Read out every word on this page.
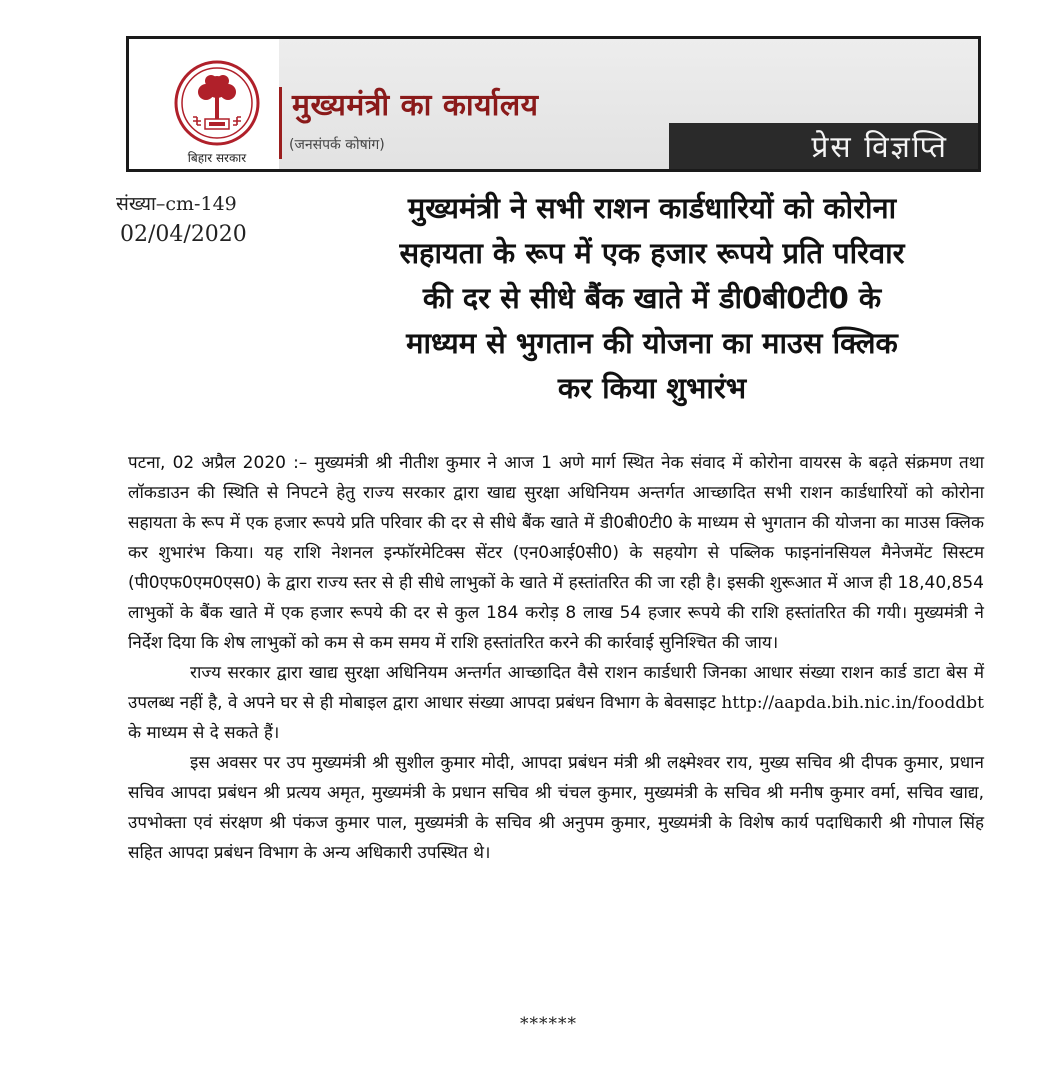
बिहार सरकार
मुख्यमंत्री का कार्यालय
(जनसंपर्क कोषांग)	प्रेस विज्ञप्ति
संख्या–cm-149
02/04/2020
मुख्यमंत्री ने सभी राशन कार्डधारियों को कोरोना
सहायता के रूप में एक हजार रूपये प्रति परिवार
की दर से सीधे बैंक खाते में डी0बी0टी0 के
माध्यम से भुगतान की योजना का माउस क्लिक
कर किया शुभारंभ

पटना, 02 अप्रैल 2020 :– मुख्यमंत्री श्री नीतीश कुमार ने आज 1 अणे मार्ग स्थित नेक संवाद में कोरोना वायरस के बढ़ते संक्रमण तथा लॉकडाउन की स्थिति से निपटने हेतु राज्य सरकार द्वारा खाद्य सुरक्षा अधिनियम अन्तर्गत आच्छादित सभी राशन कार्डधारियों को कोरोना सहायता के रूप में एक हजार रूपये प्रति परिवार की दर से सीधे बैंक खाते में डी0बी0टी0 के माध्यम से भुगतान की योजना का माउस क्लिक कर शुभारंभ किया। यह राशि नेशनल इन्फॉरमेटिक्स सेंटर (एन0आई0सी0) के सहयोग से पब्लिक फाइनांनसियल मैनेजमेंट सिस्टम (पी0एफ0एम0एस0) के द्वारा राज्य स्तर से ही सीधे लाभुकों के खाते में हस्तांतरित की जा रही है। इसकी शुरूआत में आज ही 18,40,854 लाभुकों के बैंक खाते में एक हजार रूपये की दर से कुल 184 करोड़ 8 लाख 54 हजार रूपये की राशि हस्तांतरित की गयी। मुख्यमंत्री ने निर्देश दिया कि शेष लाभुकों को कम से कम समय में राशि हस्तांतरित करने की कार्रवाई सुनिश्चित की जाय।

राज्य सरकार द्वारा खाद्य सुरक्षा अधिनियम अन्तर्गत आच्छादित वैसे राशन कार्डधारी जिनका आधार संख्या राशन कार्ड डाटा बेस में उपलब्ध नहीं है, वे अपने घर से ही मोबाइल द्वारा आधार संख्या आपदा प्रबंधन विभाग के बेवसाइट http://aapda.bih.nic.in/fooddbt के माध्यम से दे सकते हैं।

इस अवसर पर उप मुख्यमंत्री श्री सुशील कुमार मोदी, आपदा प्रबंधन मंत्री श्री लक्ष्मेश्वर राय, मुख्य सचिव श्री दीपक कुमार, प्रधान सचिव आपदा प्रबंधन श्री प्रत्यय अमृत, मुख्यमंत्री के प्रधान सचिव श्री चंचल कुमार, मुख्यमंत्री के सचिव श्री मनीष कुमार वर्मा, सचिव खाद्य, उपभोक्ता एवं संरक्षण श्री पंकज कुमार पाल, मुख्यमंत्री के सचिव श्री अनुपम कुमार, मुख्यमंत्री के विशेष कार्य पदाधिकारी श्री गोपाल सिंह सहित आपदा प्रबंधन विभाग के अन्य अधिकारी उपस्थित थे।

******
